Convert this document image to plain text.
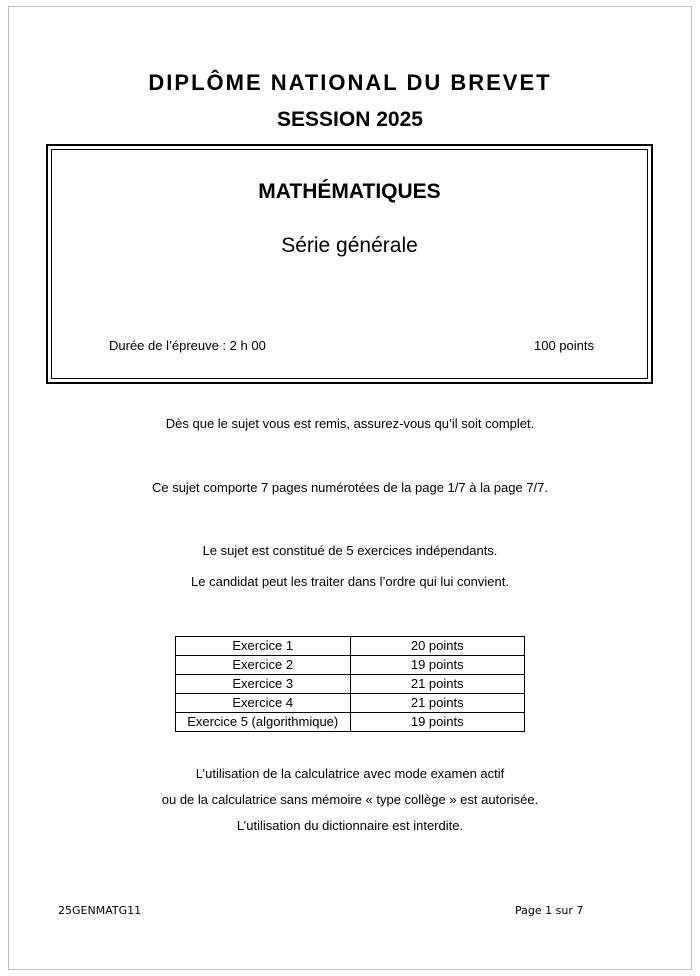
DIPLÔME NATIONAL DU BREVET
SESSION 2025
MATHÉMATIQUES
Série générale
Durée de l’épreuve : 2 h 00	100 points
Dès que le sujet vous est remis, assurez-vous qu’il soit complet.
Ce sujet comporte 7 pages numérotées de la page 1/7 à la page 7/7.
Le sujet est constitué de 5 exercices indépendants.
Le candidat peut les traiter dans l’ordre qui lui convient.
Exercice 1	20 points
Exercice 2	19 points
Exercice 3	21 points
Exercice 4	21 points
Exercice 5 (algorithmique)	19 points
L’utilisation de la calculatrice avec mode examen actif
ou de la calculatrice sans mémoire « type collège » est autorisée.
L’utilisation du dictionnaire est interdite.
25GENMATG11	Page 1 sur 7
